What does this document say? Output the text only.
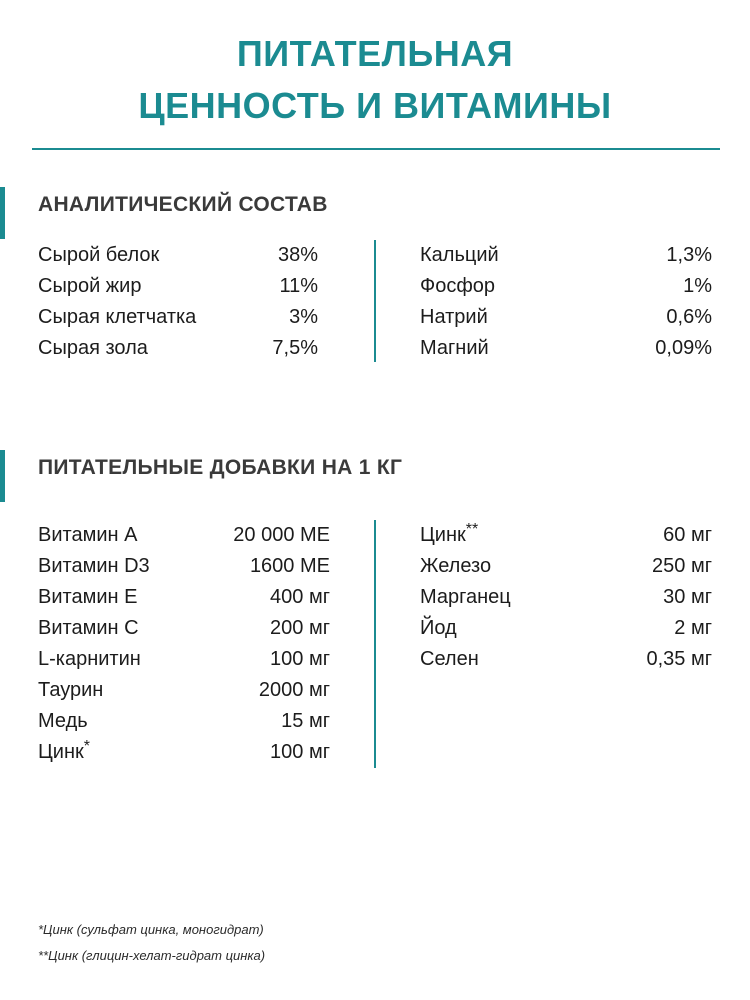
ПИТАТЕЛЬНАЯ
ЦЕННОСТЬ И ВИТАМИНЫ
АНАЛИТИЧЕСКИЙ СОСТАВ
Сырой белок	38%
Сырой жир	11%
Сырая клетчатка	3%
Сырая зола	7,5%
Кальций	1,3%
Фосфор	1%
Натрий	0,6%
Магний	0,09%
ПИТАТЕЛЬНЫЕ ДОБАВКИ НА 1 КГ
Витамин А	20 000 МЕ
Витамин D3	1600 МЕ
Витамин Е	400 мг
Витамин С	200 мг
L-карнитин	100 мг
Таурин	2000 мг
Медь	15 мг
Цинк*	100 мг
Цинк**	60 мг
Железо	250 мг
Марганец	30 мг
Йод	2 мг
Селен	0,35 мг
*Цинк (сульфат цинка, моногидрат)
**Цинк (глицин-хелат-гидрат цинка)
